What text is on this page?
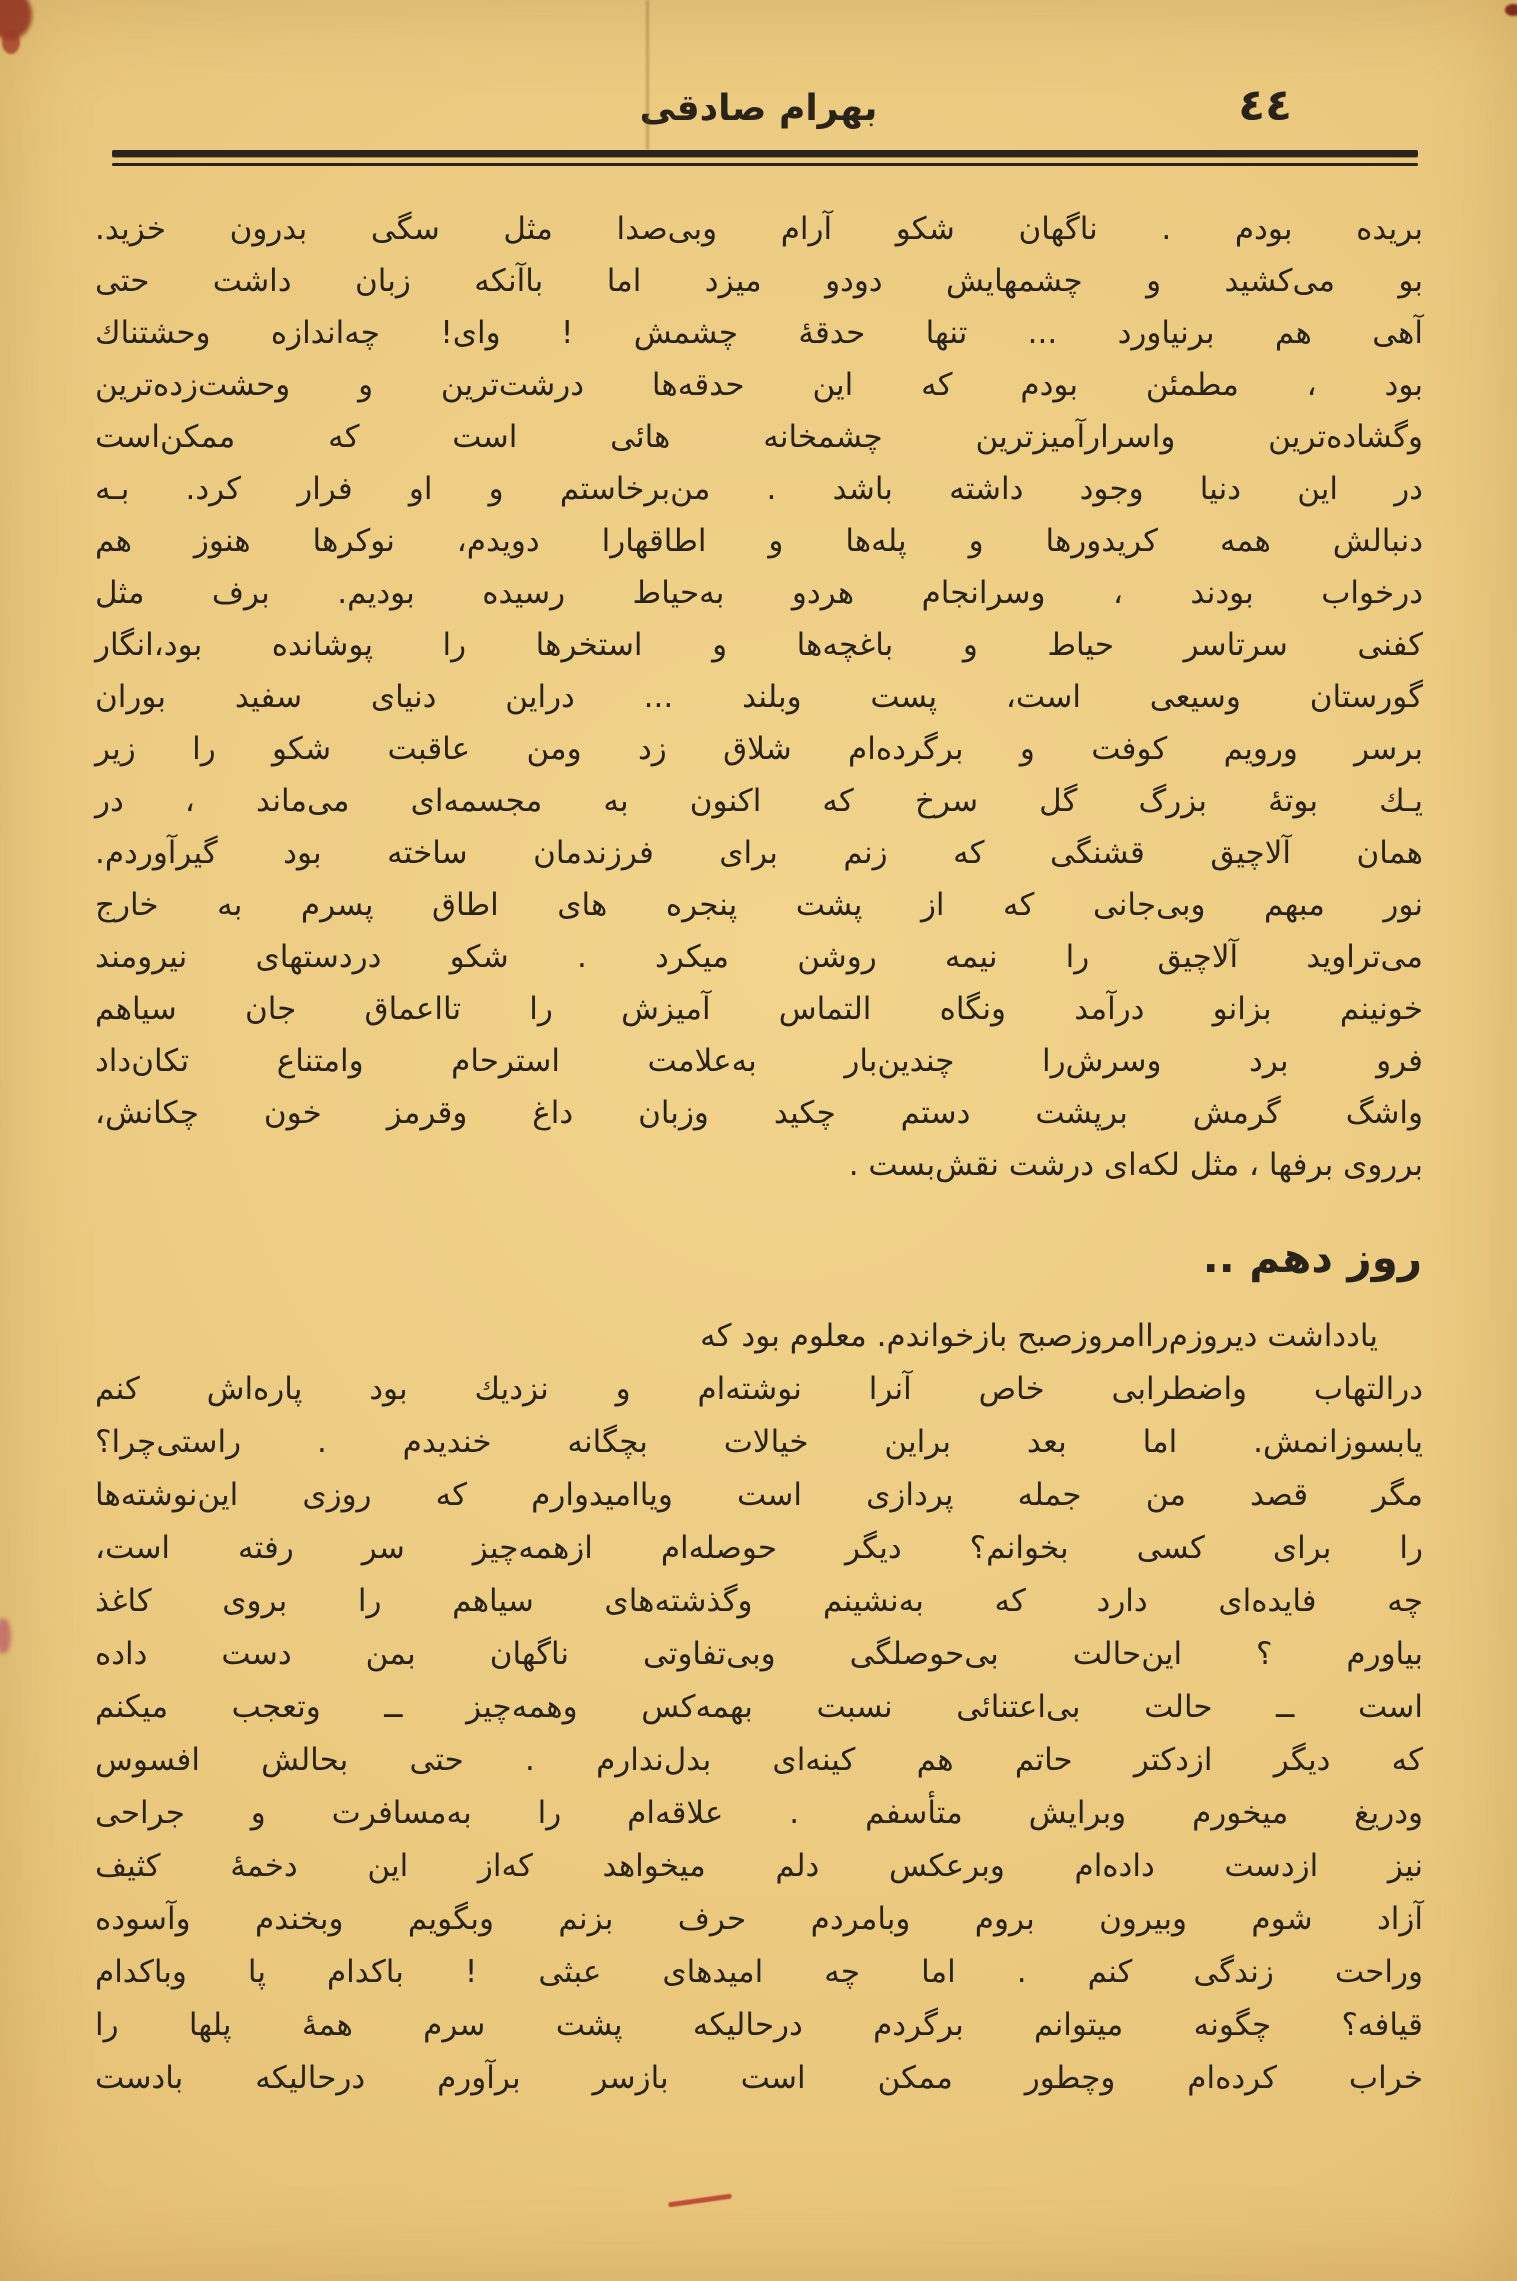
٤٤
بهرام صادقی
بریده بودم . ناگهان شکو آرام وبی‌صدا مثل سگی بدرون خزید.
بو می‌کشید و چشمهایش دودو میزد اما باآنکه زبان داشت حتی
آهی هم برنیاورد ... تنها حدقهٔ چشمش ! وای! چه‌اندازه وحشتناك
بود ، مطمئن بودم که این حدقه‌ها درشت‌ترین و وحشت‌زده‌ترین
وگشاده‌ترین واسرارآمیزترین چشمخانه هائی است که ممکن‌است
در این دنیا وجود داشته باشد . من‌برخاستم و او فرار کرد. بـه
دنبالش همه کریدورها و پله‌ها و اطاقهارا دویدم، نوکرها هنوز هم
درخواب بودند ، وسرانجام هردو به‌حیاط رسیده بودیم. برف مثل
کفنی سرتاسر حیاط و باغچه‌ها و استخرها را پوشانده بود،انگار
گورستان وسیعی است، پست وبلند ... دراین دنیای سفید بوران
برسر ورویم کوفت و برگرده‌ام شلاق زد ومن عاقبت شکو را زیر
یـك بوتهٔ بزرگ گل سرخ که اکنون به مجسمه‌ای می‌ماند ، در
همان آلاچیق قشنگی که زنم برای فرزندمان ساخته بود گیرآوردم.
نور مبهم وبی‌جانی که از پشت پنجره های اطاق پسرم به خارج
می‌تراوید آلاچیق را نیمه روشن میکرد . شکو دردستهای نیرومند
خونینم بزانو درآمد ونگاه التماس آمیزش را تااعماق جان سیاهم
فرو برد وسرش‌را چندین‌بار به‌علامت استرحام وامتناع تکان‌داد
واشگ گرمش برپشت دستم چکید وزبان داغ وقرمز خون چکانش،
برروی برفها ، مثل لکه‌ای درشت نقش‌بست .
روز دهم ..
یادداشت دیروزم‌راامروزصبح بازخواندم. معلوم بود که
درالتهاب واضطرابی خاص آنرا نوشته‌ام و نزدیك بود پاره‌اش کنم
یابسوزانمش. اما بعد براین خیالات بچگانه خندیدم . راستی‌چرا؟
مگر قصد من جمله پردازی است ویاامیدوارم که روزی این‌نوشته‌ها
را برای کسی بخوانم؟ دیگر حوصله‌ام ازهمه‌چیز سر رفته است،
چه فایده‌ای دارد که به‌نشینم وگذشته‌های سیاهم را بروی کاغذ
بیاورم ؟ این‌حالت بی‌حوصلگی وبی‌تفاوتی ناگهان بمن دست داده
است ــ حالت بی‌اعتنائی نسبت بهمه‌کس وهمه‌چیز ــ وتعجب میکنم
که دیگر ازدکتر حاتم هم کینه‌ای بدل‌ندارم . حتی بحالش افسوس
ودریغ میخورم وبرایش متأسفم . علاقه‌ام را به‌مسافرت و جراحی
نیز ازدست داده‌ام وبرعکس دلم میخواهد که‌از این دخمهٔ کثیف
آزاد شوم وبیرون بروم وبامردم حرف بزنم وبگویم وبخندم وآسوده
وراحت زندگی کنم . اما چه امیدهای عبثی ! باکدام پا وباکدام
قیافه؟ چگونه میتوانم برگردم درحالیکه پشت سرم همهٔ پلها را
خراب کرده‌ام وچطور ممکن است بازسر برآورم درحالیکه بادست
